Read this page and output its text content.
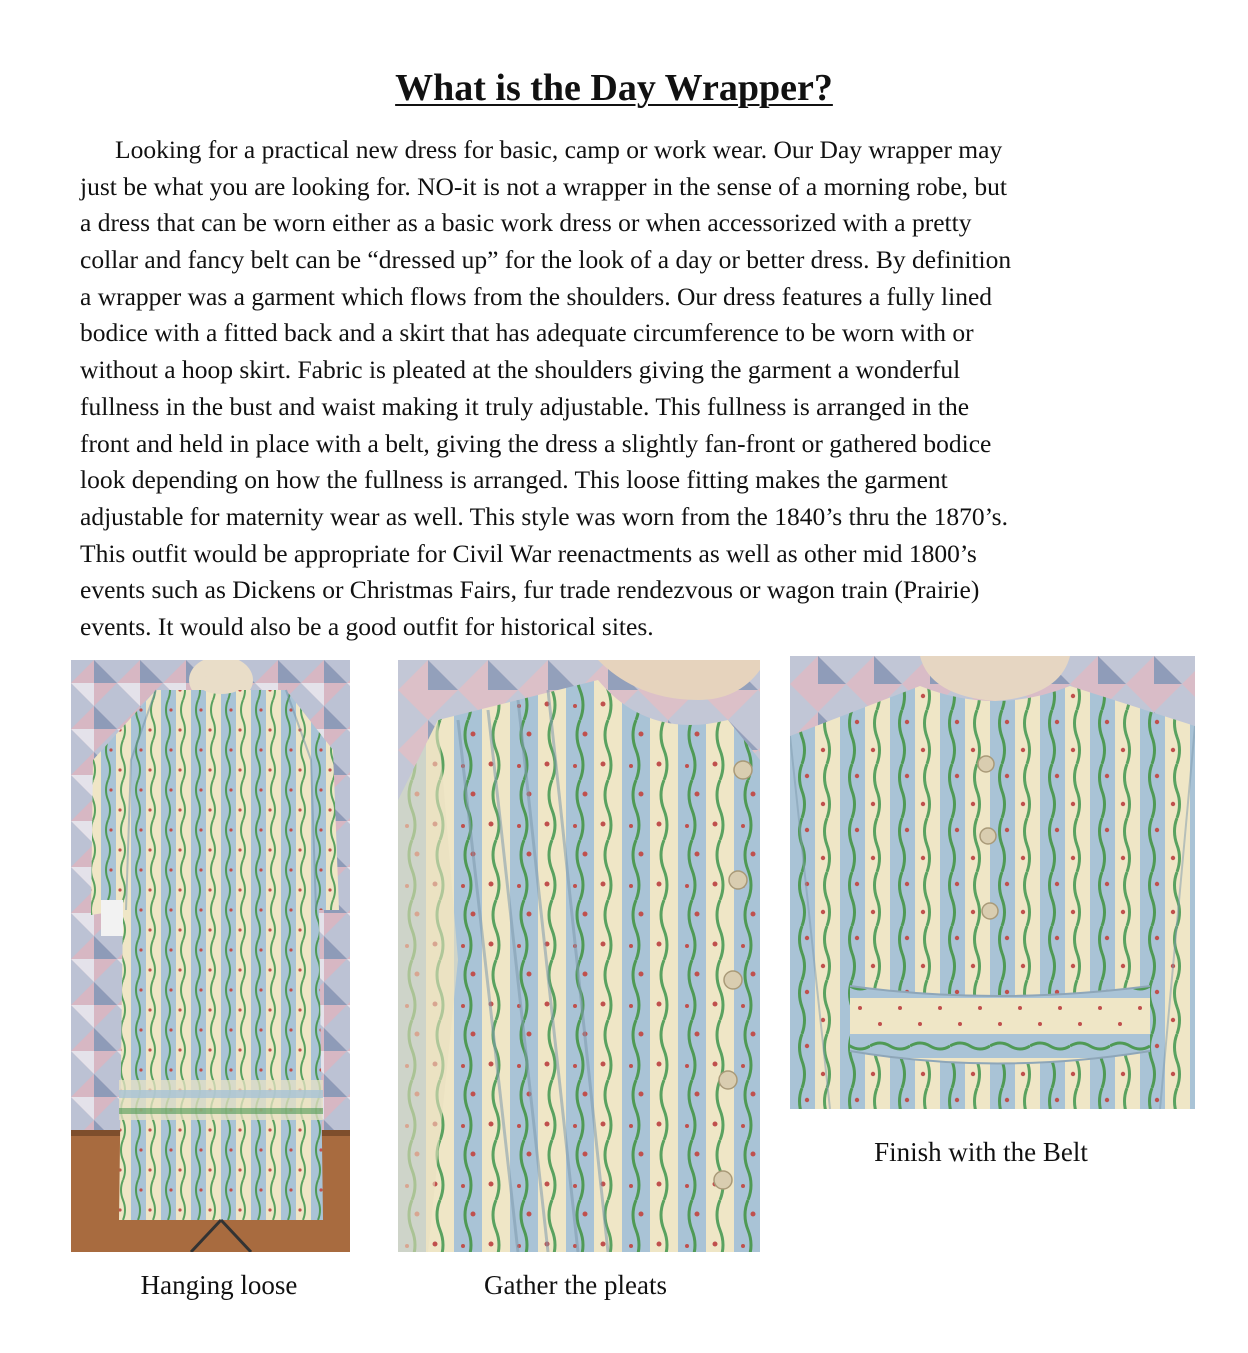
What is the Day Wrapper?
Looking for a practical new dress for basic, camp or work wear. Our Day wrapper may
just be what you are looking for. NO-it is not a wrapper in the sense of a morning robe, but
a dress that can be worn either as a basic work dress or when accessorized with a pretty
collar and fancy belt can be “dressed up” for the look of a day or better dress. By definition
a wrapper was a garment which flows from the shoulders. Our dress features a fully lined
bodice with a fitted back and a skirt that has adequate circumference to be worn with or
without a hoop skirt. Fabric is pleated at the shoulders giving the garment a wonderful
fullness in the bust and waist making it truly adjustable. This fullness is arranged in the
front and held in place with a belt, giving the dress a slightly fan-front or gathered bodice
look depending on how the fullness is arranged. This loose fitting makes the garment
adjustable for maternity wear as well. This style was worn from the 1840’s thru the 1870’s.
This outfit would be appropriate for Civil War reenactments as well as other mid 1800’s
events such as Dickens or Christmas Fairs, fur trade rendezvous or wagon train (Prairie)
events. It would also be a good outfit for historical sites.
Hanging loose	Gather the pleats
Finish with the Belt
